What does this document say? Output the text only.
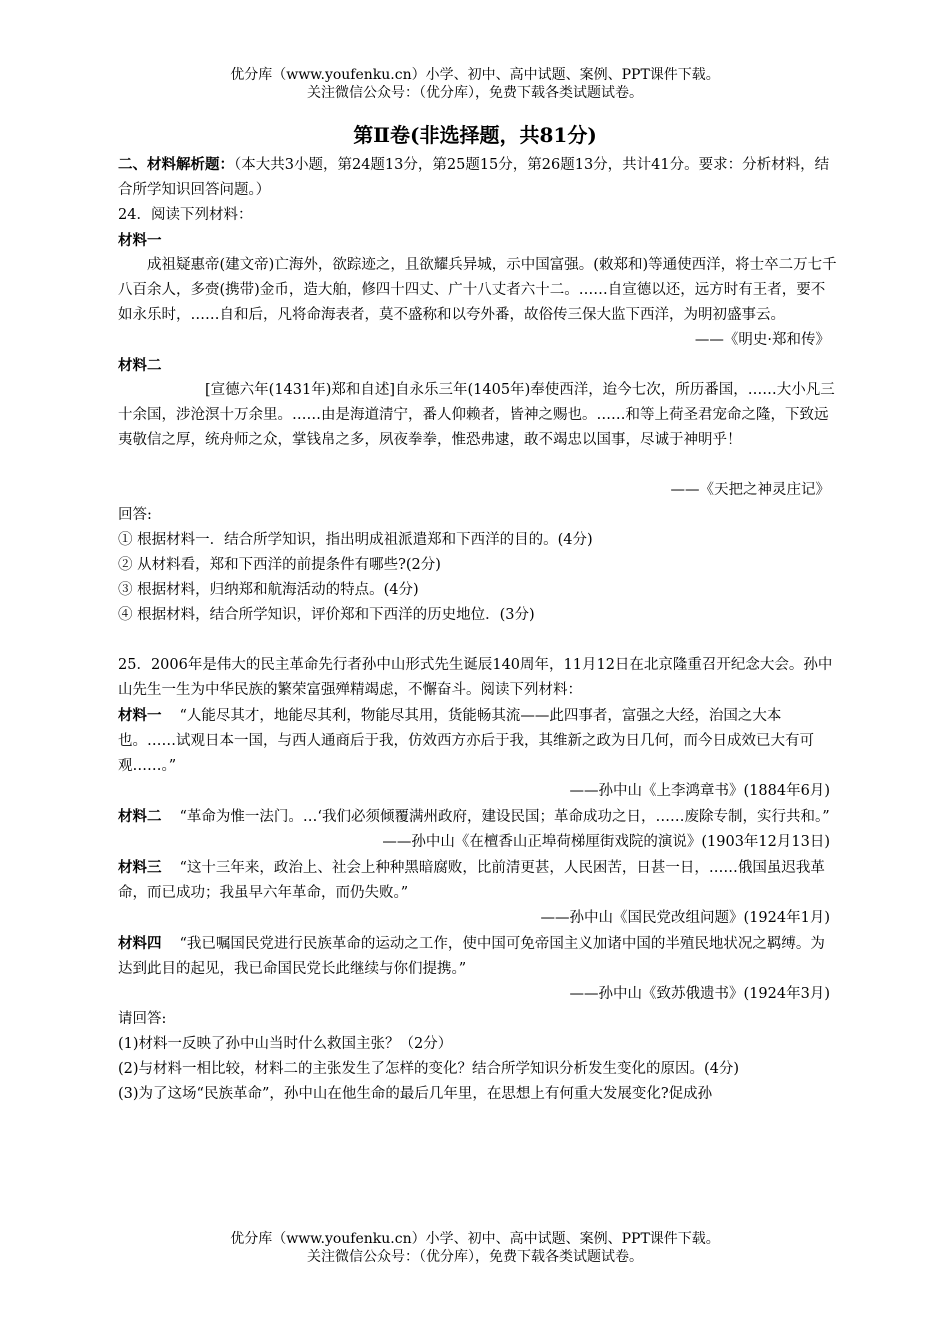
优分库（www.youfenku.cn）小学、初中、高中试题、案例、PPT课件下载。
关注微信公众号：（优分库），免费下载各类试题试卷。
第Ⅱ卷(非选择题，共81分)

二、材料解析题：（本大共3小题，第24题13分，第25题15分，第26题13分，共计41分。要求：分析材料，结合所学知识回答问题。）

24．阅读下列材料：

材料一

成祖疑惠帝(建文帝)亡海外，欲踪迹之，且欲耀兵异城，示中国富强。(敕郑和)等通使西洋，将士卒二万七千八百余人，多赍(携带)金币，造大舶，修四十四丈、广十八丈者六十二。……自宣德以还，远方时有王者，要不如永乐时，……自和后，凡将命海表者，莫不盛称和以夸外番，故俗传三保大监下西洋，为明初盛事云。

——《明史·郑和传》

材料二

[宣德六年(1431年)郑和自述]自永乐三年(1405年)奉使西洋，迨今七次，所历番国，……大小凡三十余国，涉沧溟十万余里。……由是海道清宁，番人仰赖者，皆神之赐也。……和等上荷圣君宠命之隆，下致远夷敬信之厚，统舟师之众，掌钱帛之多，夙夜拳拳，惟恐弗逮，敢不竭忠以国事，尽诚于神明乎！

——《天把之神灵庄记》

回答:

① 根据材料一．结合所学知识，指出明成祖派遣郑和下西洋的目的。(4分)

② 从材料看，郑和下西洋的前提条件有哪些?(2分)

③ 根据材料，归纳郑和航海活动的特点。(4分)

④ 根据材料，结合所学知识，评价郑和下西洋的历史地位．(3分)

25．2006年是伟大的民主革命先行者孙中山形式先生诞辰140周年，11月12日在北京隆重召开纪念大会。孙中山先生一生为中华民族的繁荣富强殚精竭虑，不懈奋斗。阅读下列材料：

材料一 “人能尽其才，地能尽其利，物能尽其用，货能畅其流——此四事者，富强之大经，治国之大本也。……试观日本一国，与西人通商后于我，仿效西方亦后于我，其维新之政为日几何，而今日成效已大有可观……。”

——孙中山《上李鸿章书》(1884年6月)

材料二 “革命为惟一法门。…‘我们必须倾覆满州政府，建设民国；革命成功之日，……废除专制，实行共和。”

——孙中山《在檀香山正埠荷梯厘街戏院的演说》(1903年12月13日)

材料三 “这十三年来，政治上、社会上种种黑暗腐败，比前清更甚，人民困苦，日甚一日，……俄国虽迟我革命，而已成功；我虽早六年革命，而仍失败。”

——孙中山《国民党改组问题》(1924年1月)

材料四 “我已嘱国民党进行民族革命的运动之工作，使中国可免帝国主义加诸中国的半殖民地状况之羁缚。为达到此目的起见，我已命国民党长此继续与你们提携。”

——孙中山《致苏俄遗书》(1924年3月)

请回答:

(1)材料一反映了孙中山当时什么救国主张？（2分）

(2)与材料一相比较，材料二的主张发生了怎样的变化？结合所学知识分析发生变化的原因。(4分)

(3)为了这场“民族革命”，孙中山在他生命的最后几年里，在思想上有何重大发展变化?促成孙

优分库（www.youfenku.cn）小学、初中、高中试题、案例、PPT课件下载。
关注微信公众号：（优分库），免费下载各类试题试卷。
